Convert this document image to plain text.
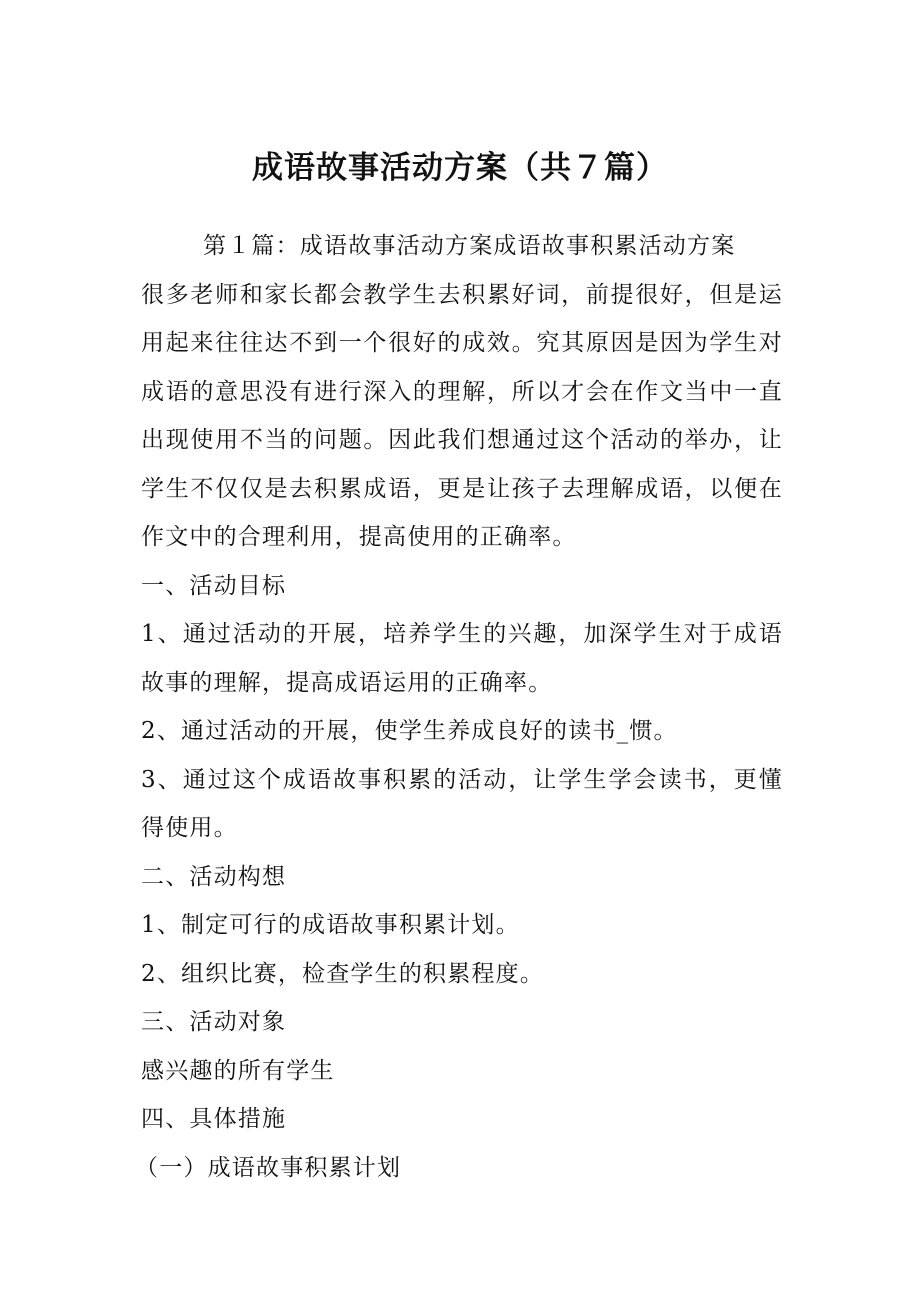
成语故事活动方案（共７篇）

第１篇：成语故事活动方案成语故事积累活动方案

很多老师和家长都会教学生去积累好词，前提很好，但是运用起来往往达不到一个很好的成效。究其原因是因为学生对成语的意思没有进行深入的理解，所以才会在作文当中一直出现使用不当的问题。因此我们想通过这个活动的举办，让学生不仅仅是去积累成语，更是让孩子去理解成语，以便在作文中的合理利用，提高使用的正确率。

一、活动目标

1、通过活动的开展，培养学生的兴趣，加深学生对于成语故事的理解，提高成语运用的正确率。

2、通过活动的开展，使学生养成良好的读书_惯。

3、通过这个成语故事积累的活动，让学生学会读书，更懂得使用。

二、活动构想

1、制定可行的成语故事积累计划。

2、组织比赛，检查学生的积累程度。

三、活动对象

感兴趣的所有学生

四、具体措施

（一）成语故事积累计划
